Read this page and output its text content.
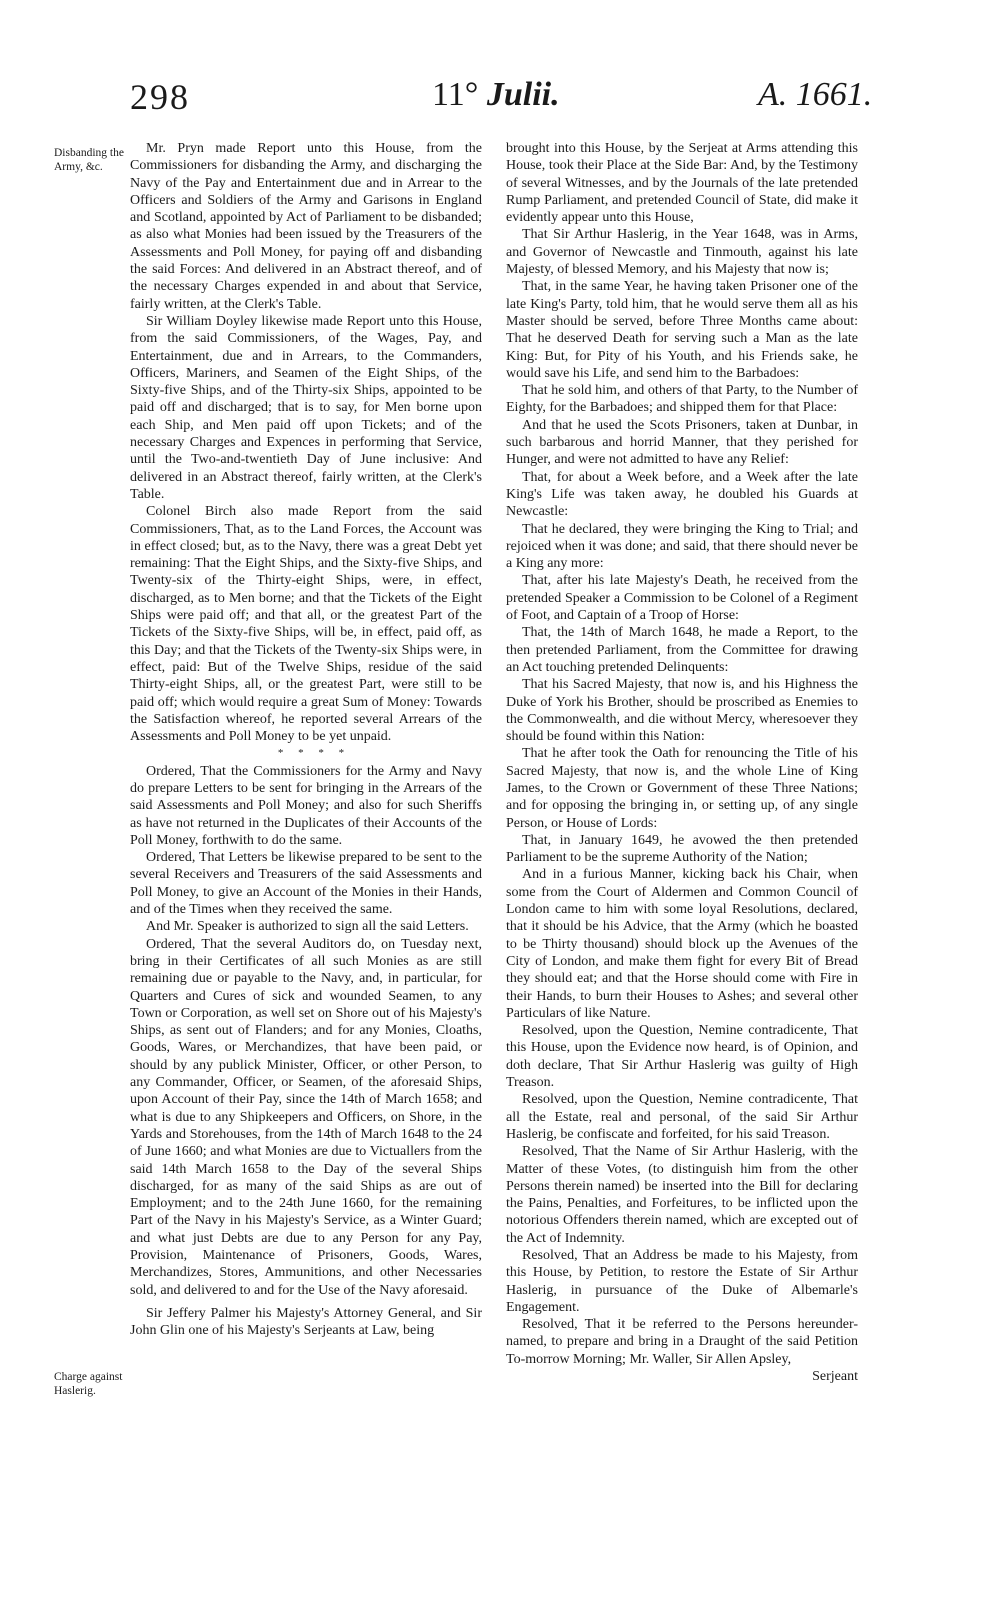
298	11° Julii.	A. 1661.
Disbanding the Army, &c.
Charge against Haslerig.

Mr. Pryn made Report unto this House, from the Commissioners for disbanding the Army, and discharging the Navy of the Pay and Entertainment due and in Arrear to the Officers and Soldiers of the Army and Garisons in England and Scotland, appointed by Act of Parliament to be disbanded; as also what Monies had been issued by the Treasurers of the Assessments and Poll Money, for paying off and disbanding the said Forces: And delivered in an Abstract thereof, and of the necessary Charges expended in and about that Service, fairly written, at the Clerk's Table.

Sir William Doyley likewise made Report unto this House, from the said Commissioners, of the Wages, Pay, and Entertainment, due and in Arrears, to the Commanders, Officers, Mariners, and Seamen of the Eight Ships, of the Sixty-five Ships, and of the Thirty-six Ships, appointed to be paid off and discharged; that is to say, for Men borne upon each Ship, and Men paid off upon Tickets; and of the necessary Charges and Expences in performing that Service, until the Two-and-twentieth Day of June inclusive: And delivered in an Abstract thereof, fairly written, at the Clerk's Table.

Colonel Birch also made Report from the said Commissioners, That, as to the Land Forces, the Account was in effect closed; but, as to the Navy, there was a great Debt yet remaining: That the Eight Ships, and the Sixty-five Ships, and Twenty-six of the Thirty-eight Ships, were, in effect, discharged, as to Men borne; and that the Tickets of the Eight Ships were paid off; and that all, or the greatest Part of the Tickets of the Sixty-five Ships, will be, in effect, paid off, as this Day; and that the Tickets of the Twenty-six Ships were, in effect, paid: But of the Twelve Ships, residue of the said Thirty-eight Ships, all, or the greatest Part, were still to be paid off; which would require a great Sum of Money: Towards the Satisfaction whereof, he reported several Arrears of the Assessments and Poll Money to be yet unpaid.

* * * *

Ordered, That the Commissioners for the Army and Navy do prepare Letters to be sent for bringing in the Arrears of the said Assessments and Poll Money; and also for such Sheriffs as have not returned in the Duplicates of their Accounts of the Poll Money, forthwith to do the same.

Ordered, That Letters be likewise prepared to be sent to the several Receivers and Treasurers of the said Assessments and Poll Money, to give an Account of the Monies in their Hands, and of the Times when they received the same.

And Mr. Speaker is authorized to sign all the said Letters.

Ordered, That the several Auditors do, on Tuesday next, bring in their Certificates of all such Monies as are still remaining due or payable to the Navy, and, in particular, for Quarters and Cures of sick and wounded Seamen, to any Town or Corporation, as well set on Shore out of his Majesty's Ships, as sent out of Flanders; and for any Monies, Cloaths, Goods, Wares, or Merchandizes, that have been paid, or should by any publick Minister, Officer, or other Person, to any Commander, Officer, or Seamen, of the aforesaid Ships, upon Account of their Pay, since the 14th of March 1658; and what is due to any Shipkeepers and Officers, on Shore, in the Yards and Storehouses, from the 14th of March 1648 to the 24 of June 1660; and what Monies are due to Victuallers from the said 14th March 1658 to the Day of the several Ships discharged, for as many of the said Ships as are out of Employment; and to the 24th June 1660, for the remaining Part of the Navy in his Majesty's Service, as a Winter Guard; and what just Debts are due to any Person for any Pay, Provision, Maintenance of Prisoners, Goods, Wares, Merchandizes, Stores, Ammunitions, and other Necessaries sold, and delivered to and for the Use of the Navy aforesaid.

Sir Jeffery Palmer his Majesty's Attorney General, and Sir John Glin one of his Majesty's Serjeants at Law, being

brought into this House, by the Serjeat at Arms attending this House, took their Place at the Side Bar: And, by the Testimony of several Witnesses, and by the Journals of the late pretended Rump Parliament, and pretended Council of State, did make it evidently appear unto this House,

That Sir Arthur Haslerig, in the Year 1648, was in Arms, and Governor of Newcastle and Tinmouth, against his late Majesty, of blessed Memory, and his Majesty that now is;

That, in the same Year, he having taken Prisoner one of the late King's Party, told him, that he would serve them all as his Master should be served, before Three Months came about: That he deserved Death for serving such a Man as the late King: But, for Pity of his Youth, and his Friends sake, he would save his Life, and send him to the Barbadoes:

That he sold him, and others of that Party, to the Number of Eighty, for the Barbadoes; and shipped them for that Place:

And that he used the Scots Prisoners, taken at Dunbar, in such barbarous and horrid Manner, that they perished for Hunger, and were not admitted to have any Relief:

That, for about a Week before, and a Week after the late King's Life was taken away, he doubled his Guards at Newcastle:

That he declared, they were bringing the King to Trial; and rejoiced when it was done; and said, that there should never be a King any more:

That, after his late Majesty's Death, he received from the pretended Speaker a Commission to be Colonel of a Regiment of Foot, and Captain of a Troop of Horse:

That, the 14th of March 1648, he made a Report, to the then pretended Parliament, from the Committee for drawing an Act touching pretended Delinquents:

That his Sacred Majesty, that now is, and his Highness the Duke of York his Brother, should be proscribed as Enemies to the Commonwealth, and die without Mercy, wheresoever they should be found within this Nation:

That he after took the Oath for renouncing the Title of his Sacred Majesty, that now is, and the whole Line of King James, to the Crown or Government of these Three Nations; and for opposing the bringing in, or setting up, of any single Person, or House of Lords:

That, in January 1649, he avowed the then pretended Parliament to be the supreme Authority of the Nation;

And in a furious Manner, kicking back his Chair, when some from the Court of Aldermen and Common Council of London came to him with some loyal Resolutions, declared, that it should be his Advice, that the Army (which he boasted to be Thirty thousand) should block up the Avenues of the City of London, and make them fight for every Bit of Bread they should eat; and that the Horse should come with Fire in their Hands, to burn their Houses to Ashes; and several other Particulars of like Nature.

Resolved, upon the Question, Nemine contradicente, That this House, upon the Evidence now heard, is of Opinion, and doth declare, That Sir Arthur Haslerig was guilty of High Treason.

Resolved, upon the Question, Nemine contradicente, That all the Estate, real and personal, of the said Sir Arthur Haslerig, be confiscate and forfeited, for his said Treason.

Resolved, That the Name of Sir Arthur Haslerig, with the Matter of these Votes, (to distinguish him from the other Persons therein named) be inserted into the Bill for declaring the Pains, Penalties, and Forfeitures, to be inflicted upon the notorious Offenders therein named, which are excepted out of the Act of Indemnity.

Resolved, That an Address be made to his Majesty, from this House, by Petition, to restore the Estate of Sir Arthur Haslerig, in pursuance of the Duke of Albemarle's Engagement.

Resolved, That it be referred to the Persons hereunder-named, to prepare and bring in a Draught of the said Petition To-morrow Morning; Mr. Waller, Sir Allen Apsley,

Serjeant
